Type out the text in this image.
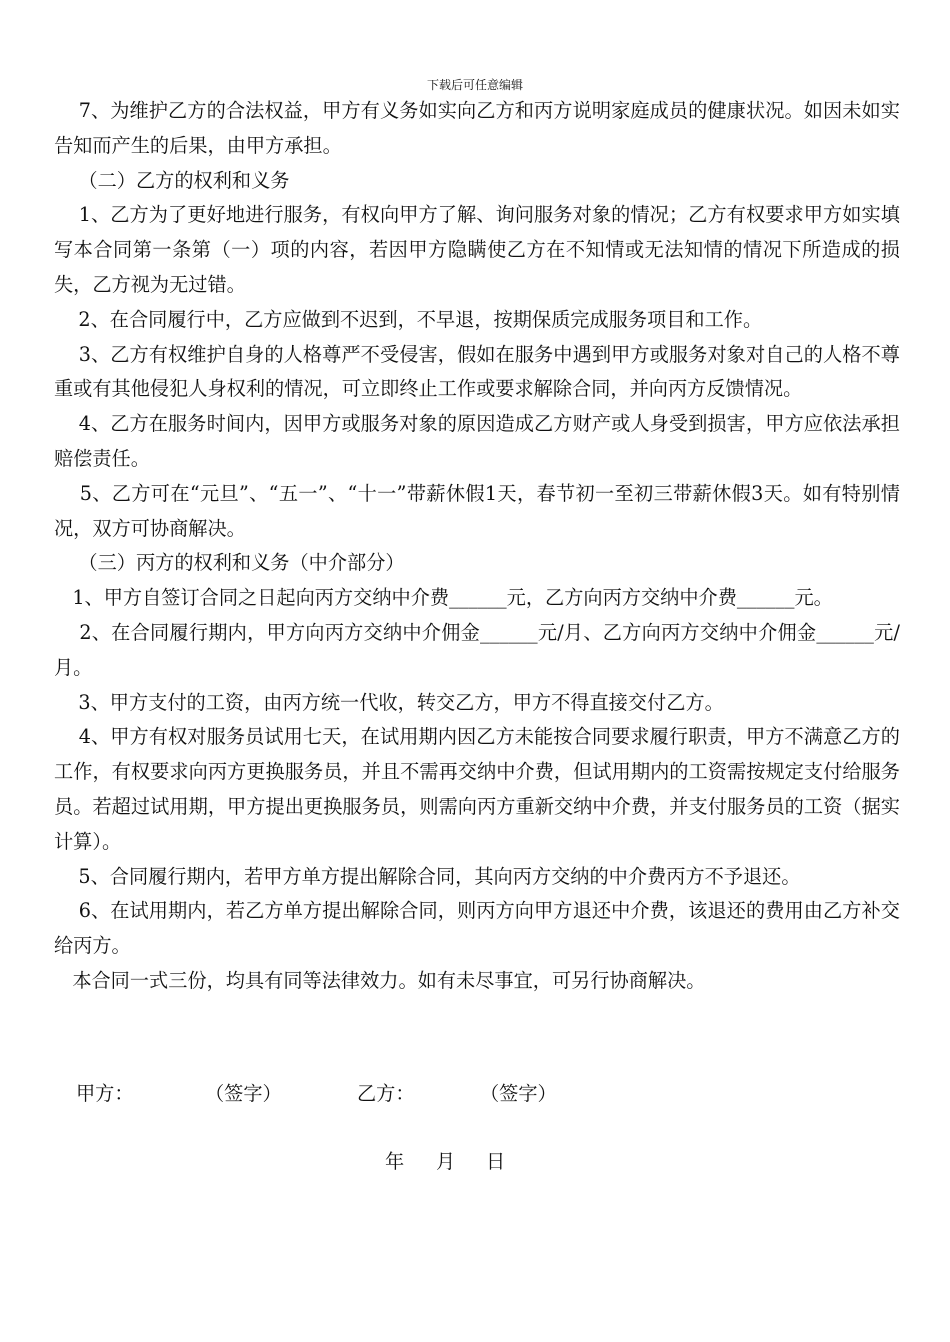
下载后可任意编辑

7、为维护乙方的合法权益，甲方有义务如实向乙方和丙方说明家庭成员的健康状况。如因未如实告知而产生的后果，由甲方承担。

（二）乙方的权利和义务

1、乙方为了更好地进行服务，有权向甲方了解、询问服务对象的情况；乙方有权要求甲方如实填写本合同第一条第（一）项的内容，若因甲方隐瞒使乙方在不知情或无法知情的情况下所造成的损失，乙方视为无过错。

2、在合同履行中，乙方应做到不迟到，不早退，按期保质完成服务项目和工作。

3、乙方有权维护自身的人格尊严不受侵害，假如在服务中遇到甲方或服务对象对自己的人格不尊重或有其他侵犯人身权利的情况，可立即终止工作或要求解除合同，并向丙方反馈情况。

4、乙方在服务时间内，因甲方或服务对象的原因造成乙方财产或人身受到损害，甲方应依法承担赔偿责任。

5、乙方可在“元旦”、“五一”、“十一”带薪休假1天，春节初一至初三带薪休假3天。如有特别情况，双方可协商解决。

（三）丙方的权利和义务（中介部分）

1、甲方自签订合同之日起向丙方交纳中介费______元，乙方向丙方交纳中介费______元。

2、在合同履行期内，甲方向丙方交纳中介佣金______元/月、乙方向丙方交纳中介佣金______元/月。

3、甲方支付的工资，由丙方统一代收，转交乙方，甲方不得直接交付乙方。

4、甲方有权对服务员试用七天，在试用期内因乙方未能按合同要求履行职责，甲方不满意乙方的工作，有权要求向丙方更换服务员，并且不需再交纳中介费，但试用期内的工资需按规定支付给服务员。若超过试用期，甲方提出更换服务员，则需向丙方重新交纳中介费，并支付服务员的工资（据实计算）。

5、合同履行期内，若甲方单方提出解除合同，其向丙方交纳的中介费丙方不予退还。

6、在试用期内，若乙方单方提出解除合同，则丙方向甲方退还中介费，该退还的费用由乙方补交给丙方。

本合同一式三份，均具有同等法律效力。如有未尽事宜，可另行协商解决。

甲方：	（签字）	乙方：	（签字）
年 月 日
